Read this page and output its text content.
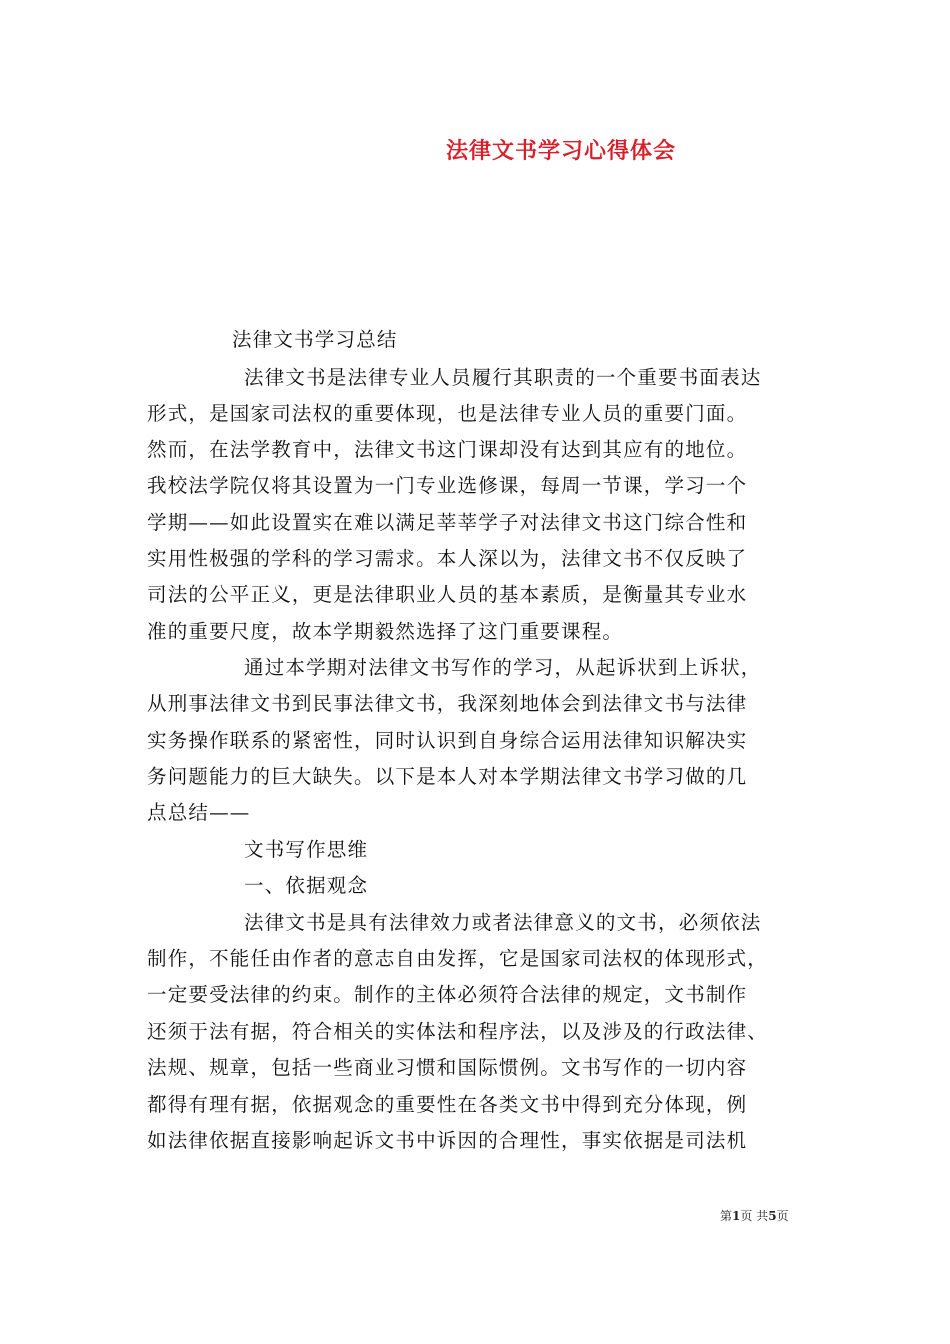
法律文书学习心得体会

法律文书学习总结

法律文书是法律专业人员履行其职责的一个重要书面表达

形式，是国家司法权的重要体现，也是法律专业人员的重要门面。

然而，在法学教育中，法律文书这门课却没有达到其应有的地位。

我校法学院仅将其设置为一门专业选修课，每周一节课，学习一个

学期——如此设置实在难以满足莘莘学子对法律文书这门综合性和

实用性极强的学科的学习需求。本人深以为，法律文书不仅反映了

司法的公平正义，更是法律职业人员的基本素质，是衡量其专业水

准的重要尺度，故本学期毅然选择了这门重要课程。

通过本学期对法律文书写作的学习，从起诉状到上诉状，

从刑事法律文书到民事法律文书，我深刻地体会到法律文书与法律

实务操作联系的紧密性，同时认识到自身综合运用法律知识解决实

务问题能力的巨大缺失。以下是本人对本学期法律文书学习做的几

点总结——

文书写作思维

一、依据观念

法律文书是具有法律效力或者法律意义的文书，必须依法

制作，不能任由作者的意志自由发挥，它是国家司法权的体现形式，

一定要受法律的约束。制作的主体必须符合法律的规定，文书制作

还须于法有据，符合相关的实体法和程序法，以及涉及的行政法律、

法规、规章，包括一些商业习惯和国际惯例。文书写作的一切内容

都得有理有据，依据观念的重要性在各类文书中得到充分体现，例

如法律依据直接影响起诉文书中诉因的合理性，事实依据是司法机

第1页 共5页
